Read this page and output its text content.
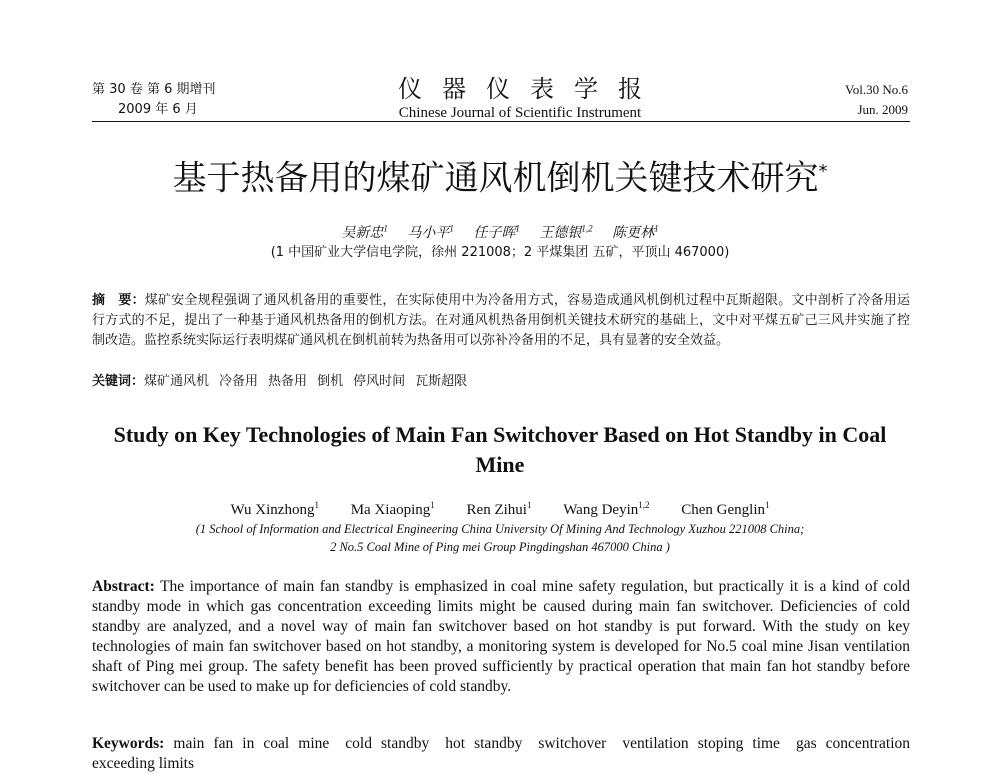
第 30 卷 第 6 期增刊
2009 年 6 月
仪器仪表学报
Chinese Journal of Scientific Instrument
Vol.30 No.6
Jun. 2009
基于热备用的煤矿通风机倒机关键技术研究*
吴新忠$^1$ 马小平$^1$ 任子晖$^1$ 王德银$^{1,2}$ 陈更林$^1$
(1 中国矿业大学信电学院，徐州 221008；2 平煤集团 五矿，平顶山 467000)
摘　要：煤矿安全规程强调了通风机备用的重要性，在实际使用中为冷备用方式，容易造成通风机倒机过程中瓦斯超限。文中剖析了冷备用运行方式的不足，提出了一种基于通风机热备用的倒机方法。在对通风机热备用倒机关键技术研究的基础上，文中对平煤五矿己三风井实施了控制改造。监控系统实际运行表明煤矿通风机在倒机前转为热备用可以弥补冷备用的不足，具有显著的安全效益。
关键词：煤矿通风机 冷备用 热备用 倒机 停风时间 瓦斯超限
Study on Key Technologies of Main Fan Switchover Based on Hot Standby in Coal Mine
Wu Xinzhong$^1$ Ma Xiaoping$^1$ Ren Zihui$^1$ Wang Deyin$^{1,2}$ Chen Genglin$^1$
(1 School of Information and Electrical Engineering China University Of Mining And Technology Xuzhou 221008 China;
2 No.5 Coal Mine of Ping mei Group Pingdingshan 467000 China )
Abstract: The importance of main fan standby is emphasized in coal mine safety regulation, but practically it is a kind of cold standby mode in which gas concentration exceeding limits might be caused during main fan switchover. Deficiencies of cold standby are analyzed, and a novel way of main fan switchover based on hot standby is put forward. With the study on key technologies of main fan switchover based on hot standby, a monitoring system is developed for No.5 coal mine Jisan ventilation shaft of Ping mei group. The safety benefit has been proved sufficiently by practical operation that main fan hot standby before switchover can be used to make up for deficiencies of cold standby.
Keywords: main fan in coal mine cold standby hot standby switchover ventilation stoping time gas concentration exceeding limits
